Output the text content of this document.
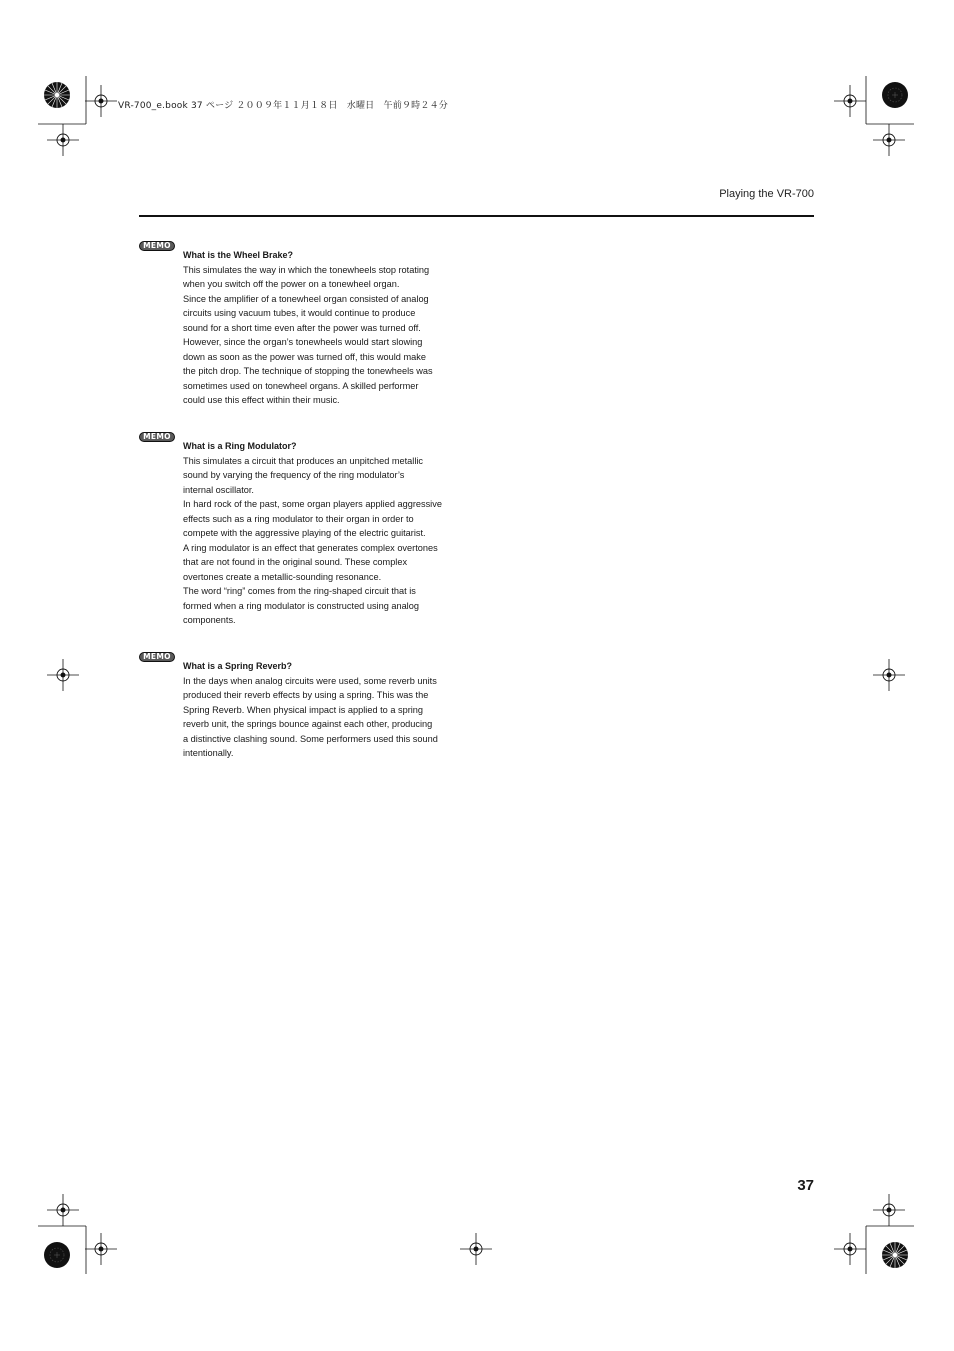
VR-700_e.book 37 ページ ２００９年１１月１８日　水曜日　午前９時２４分
Playing the VR-700
MEMO
What is the Wheel Brake?

This simulates the way in which the tonewheels stop rotating

when you switch off the power on a tonewheel organ.

Since the amplifier of a tonewheel organ consisted of analog

circuits using vacuum tubes, it would continue to produce

sound for a short time even after the power was turned off.

However, since the organ’s tonewheels would start slowing

down as soon as the power was turned off, this would make

the pitch drop. The technique of stopping the tonewheels was

sometimes used on tonewheel organs. A skilled performer

could use this effect within their music.

MEMO
What is a Ring Modulator?

This simulates a circuit that produces an unpitched metallic

sound by varying the frequency of the ring modulator’s

internal oscillator.

In hard rock of the past, some organ players applied aggressive

effects such as a ring modulator to their organ in order to

compete with the aggressive playing of the electric guitarist.

A ring modulator is an effect that generates complex overtones

that are not found in the original sound. These complex

overtones create a metallic-sounding resonance.

The word “ring” comes from the ring-shaped circuit that is

formed when a ring modulator is constructed using analog

components.

MEMO
What is a Spring Reverb?

In the days when analog circuits were used, some reverb units

produced their reverb effects by using a spring. This was the

Spring Reverb. When physical impact is applied to a spring

reverb unit, the springs bounce against each other, producing

a distinctive clashing sound. Some performers used this sound

intentionally.

37
